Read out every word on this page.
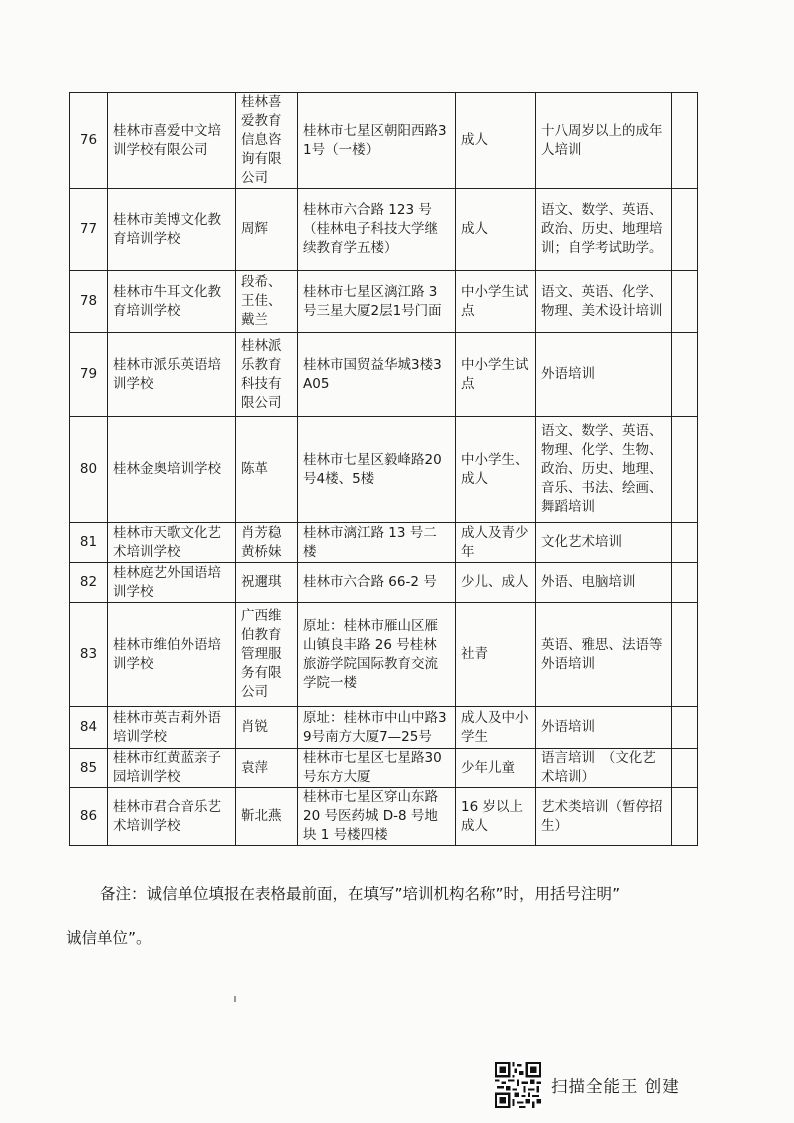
76	桂林市喜爱中文培训学校有限公司	桂林喜爱教育信息咨询有限公司	桂林市七星区朝阳西路31号（一楼）	成人	十八周岁以上的成年人培训	
77	桂林市美博文化教育培训学校	周辉	桂林市六合路 123 号（桂林电子科技大学继续教育学五楼）	成人	语文、数学、英语、政治、历史、地理培训；自学考试助学。	
78	桂林市牛耳文化教育培训学校	段希、王佳、戴兰	桂林市七星区漓江路 3号三星大厦2层1号门面	中小学生试点	语文、英语、化学、物理、美术设计培训	
79	桂林市派乐英语培训学校	桂林派乐教育科技有限公司	桂林市国贸益华城3楼3A05	中小学生试点	外语培训	
80	桂林金奥培训学校	陈革	桂林市七星区毅峰路20号4楼、5楼	中小学生、成人	语文、数学、英语、物理、化学、生物、政治、历史、地理、音乐、书法、绘画、舞蹈培训	
81	桂林市天歌文化艺术培训学校	肖芳稳黄桥妹	桂林市漓江路 13 号二楼	成人及青少年	文化艺术培训	
82	桂林庭艺外国语培训学校	祝邇琪	桂林市六合路 66-2 号	少儿、成人	外语、电脑培训	
83	桂林市维伯外语培训学校	广西维伯教育管理服务有限公司	原址：桂林市雁山区雁山镇良丰路 26 号桂林旅游学院国际教育交流学院一楼	社青	英语、雅思、法语等外语培训	
84	桂林市英吉莉外语培训学校	肖锐	原址：桂林市中山中路39号南方大厦7—25号	成人及中小学生	外语培训	
85	桂林市红黄蓝亲子园培训学校	袁萍	桂林市七星区七星路30号东方大厦	少年儿童	语言培训　（文化艺术培训）	
86	桂林市君合音乐艺术培训学校	靳北燕	桂林市七星区穿山东路 20 号医药城 D-8 号地块 1 号楼四楼	16 岁以上成人	艺术类培训（暂停招生）	
备注：诚信单位填报在表格最前面，在填写”培训机构名称”时，用括号注明”
诚信单位”。
扫描全能王 创建
